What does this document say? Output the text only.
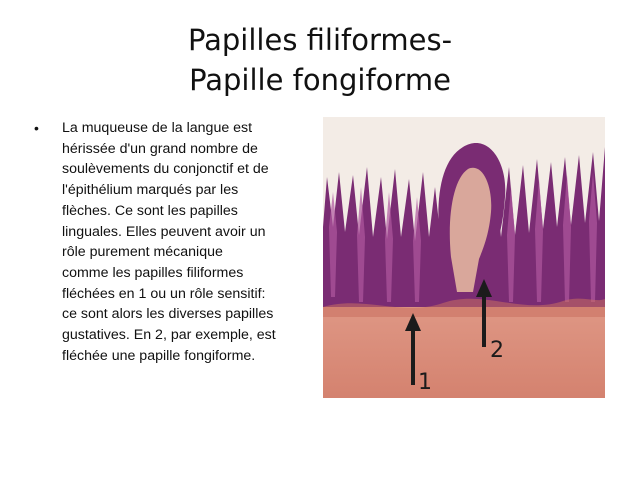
Papilles filiformes-
Papille fongiforme
• La muqueuse de la langue est
hérissée d'un grand nombre de
soulèvements du conjonctif et de
l'épithélium marqués par les
flèches. Ce sont les papilles
linguales. Elles peuvent avoir un
rôle purement mécanique
comme les papilles filiformes
fléchées en 1 ou un rôle sensitif:
ce sont alors les diverses papilles
gustatives. En 2, par exemple, est
fléchée une papille fongiforme.
1
2
